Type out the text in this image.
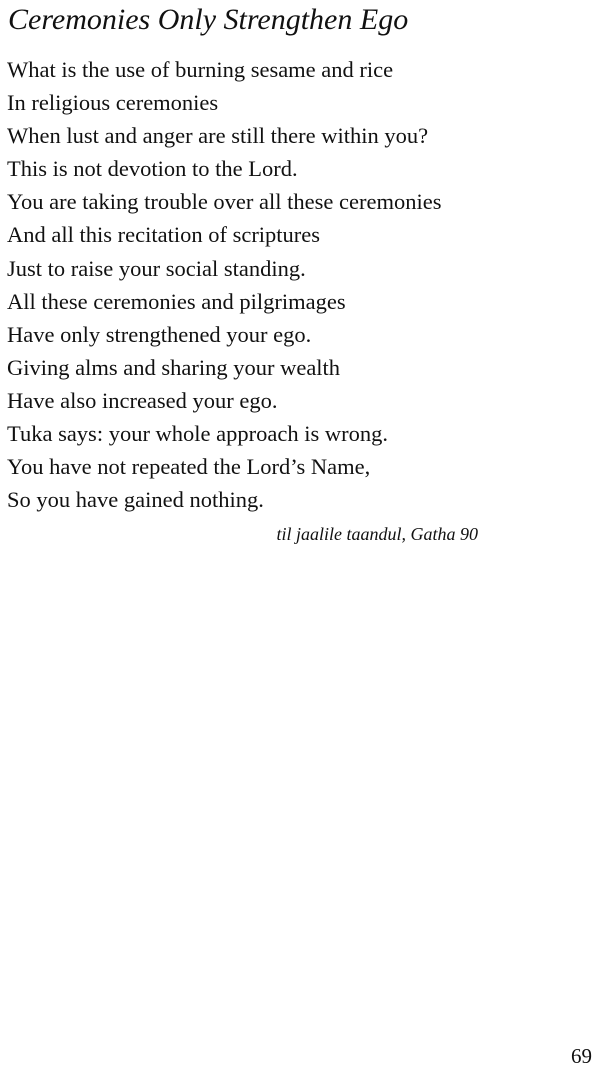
Ceremonies Only Strengthen Ego
What is the use of burning sesame and rice
In religious ceremonies
When lust and anger are still there within you?
This is not devotion to the Lord.
You are taking trouble over all these ceremonies
And all this recitation of scriptures
Just to raise your social standing.
All these ceremonies and pilgrimages
Have only strengthened your ego.
Giving alms and sharing your wealth
Have also increased your ego.
Tuka says: your whole approach is wrong.
You have not repeated the Lord’s Name,
So you have gained nothing.

til jaalile taandul, Gatha 90

69
